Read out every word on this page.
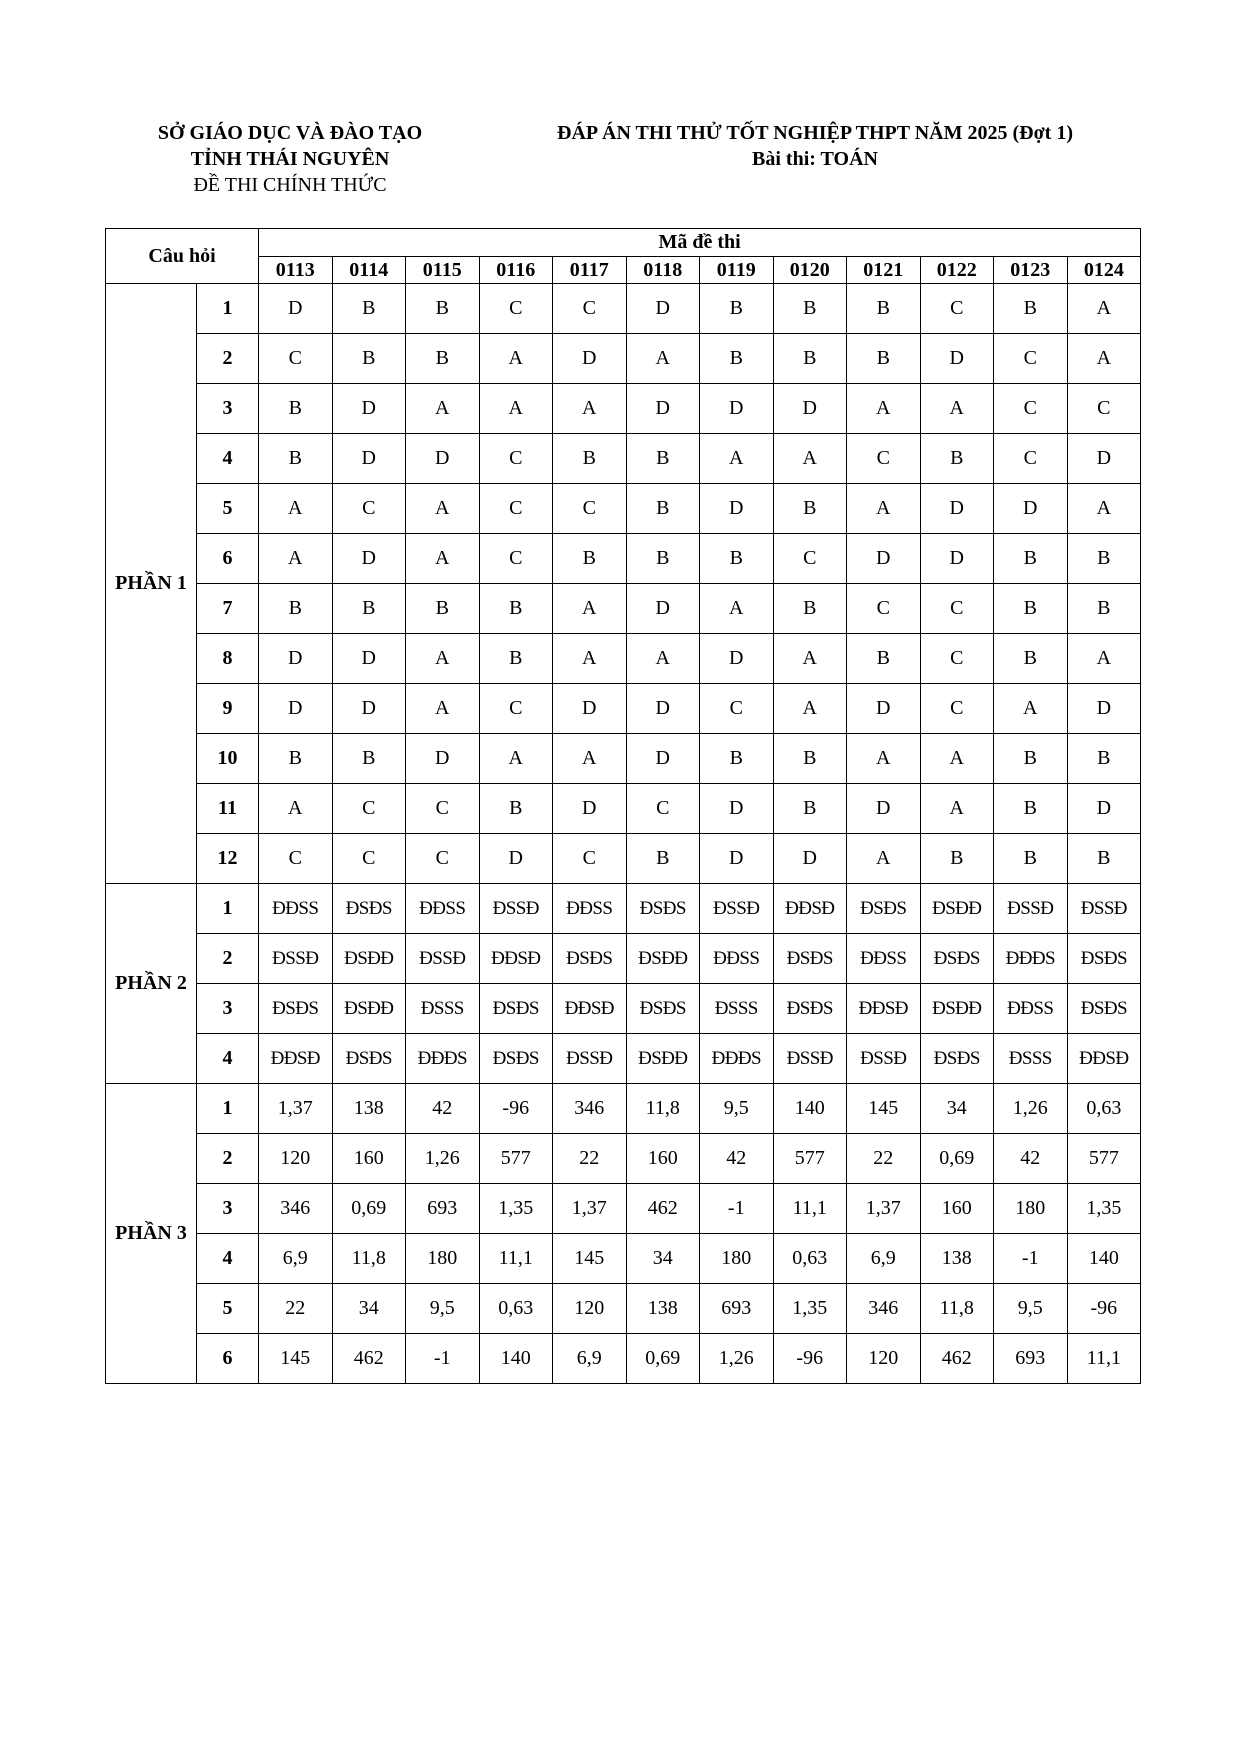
SỞ GIÁO DỤC VÀ ĐÀO TẠO
TỈNH THÁI NGUYÊN
ĐỀ THI CHÍNH THỨC
ĐÁP ÁN THI THỬ TỐT NGHIỆP THPT NĂM 2025 (Đợt 1)
Bài thi: TOÁN
Câu hỏi		Mã đề thi											
		0113	0114	0115	0116	0117	0118	0119	0120	0121	0122	0123	0124
PHẦN 1	1	D	B	B	C	C	D	B	B	B	C	B	A
	2	C	B	B	A	D	A	B	B	B	D	C	A
	3	B	D	A	A	A	D	D	D	A	A	C	C
	4	B	D	D	C	B	B	A	A	C	B	C	D
	5	A	C	A	C	C	B	D	B	A	D	D	A
	6	A	D	A	C	B	B	B	C	D	D	B	B
	7	B	B	B	B	A	D	A	B	C	C	B	B
	8	D	D	A	B	A	A	D	A	B	C	B	A
	9	D	D	A	C	D	D	C	A	D	C	A	D
	10	B	B	D	A	A	D	B	B	A	A	B	B
	11	A	C	C	B	D	C	D	B	D	A	B	D
	12	C	C	C	D	C	B	D	D	A	B	B	B
PHẦN 2	1	ĐĐSS	ĐSĐS	ĐĐSS	ĐSSĐ	ĐĐSS	ĐSĐS	ĐSSĐ	ĐĐSĐ	ĐSĐS	ĐSĐĐ	ĐSSĐ	ĐSSĐ
	2	ĐSSĐ	ĐSĐĐ	ĐSSĐ	ĐĐSĐ	ĐSĐS	ĐSĐĐ	ĐĐSS	ĐSĐS	ĐĐSS	ĐSĐS	ĐĐĐS	ĐSĐS
	3	ĐSĐS	ĐSĐĐ	ĐSSS	ĐSĐS	ĐĐSĐ	ĐSĐS	ĐSSS	ĐSĐS	ĐĐSĐ	ĐSĐĐ	ĐĐSS	ĐSĐS
	4	ĐĐSĐ	ĐSĐS	ĐĐĐS	ĐSĐS	ĐSSĐ	ĐSĐĐ	ĐĐĐS	ĐSSĐ	ĐSSĐ	ĐSĐS	ĐSSS	ĐĐSĐ
PHẦN 3	1	1,37	138	42	-96	346	11,8	9,5	140	145	34	1,26	0,63
	2	120	160	1,26	577	22	160	42	577	22	0,69	42	577
	3	346	0,69	693	1,35	1,37	462	-1	11,1	1,37	160	180	1,35
	4	6,9	11,8	180	11,1	145	34	180	0,63	6,9	138	-1	140
	5	22	34	9,5	0,63	120	138	693	1,35	346	11,8	9,5	-96
	6	145	462	-1	140	6,9	0,69	1,26	-96	120	462	693	11,1
